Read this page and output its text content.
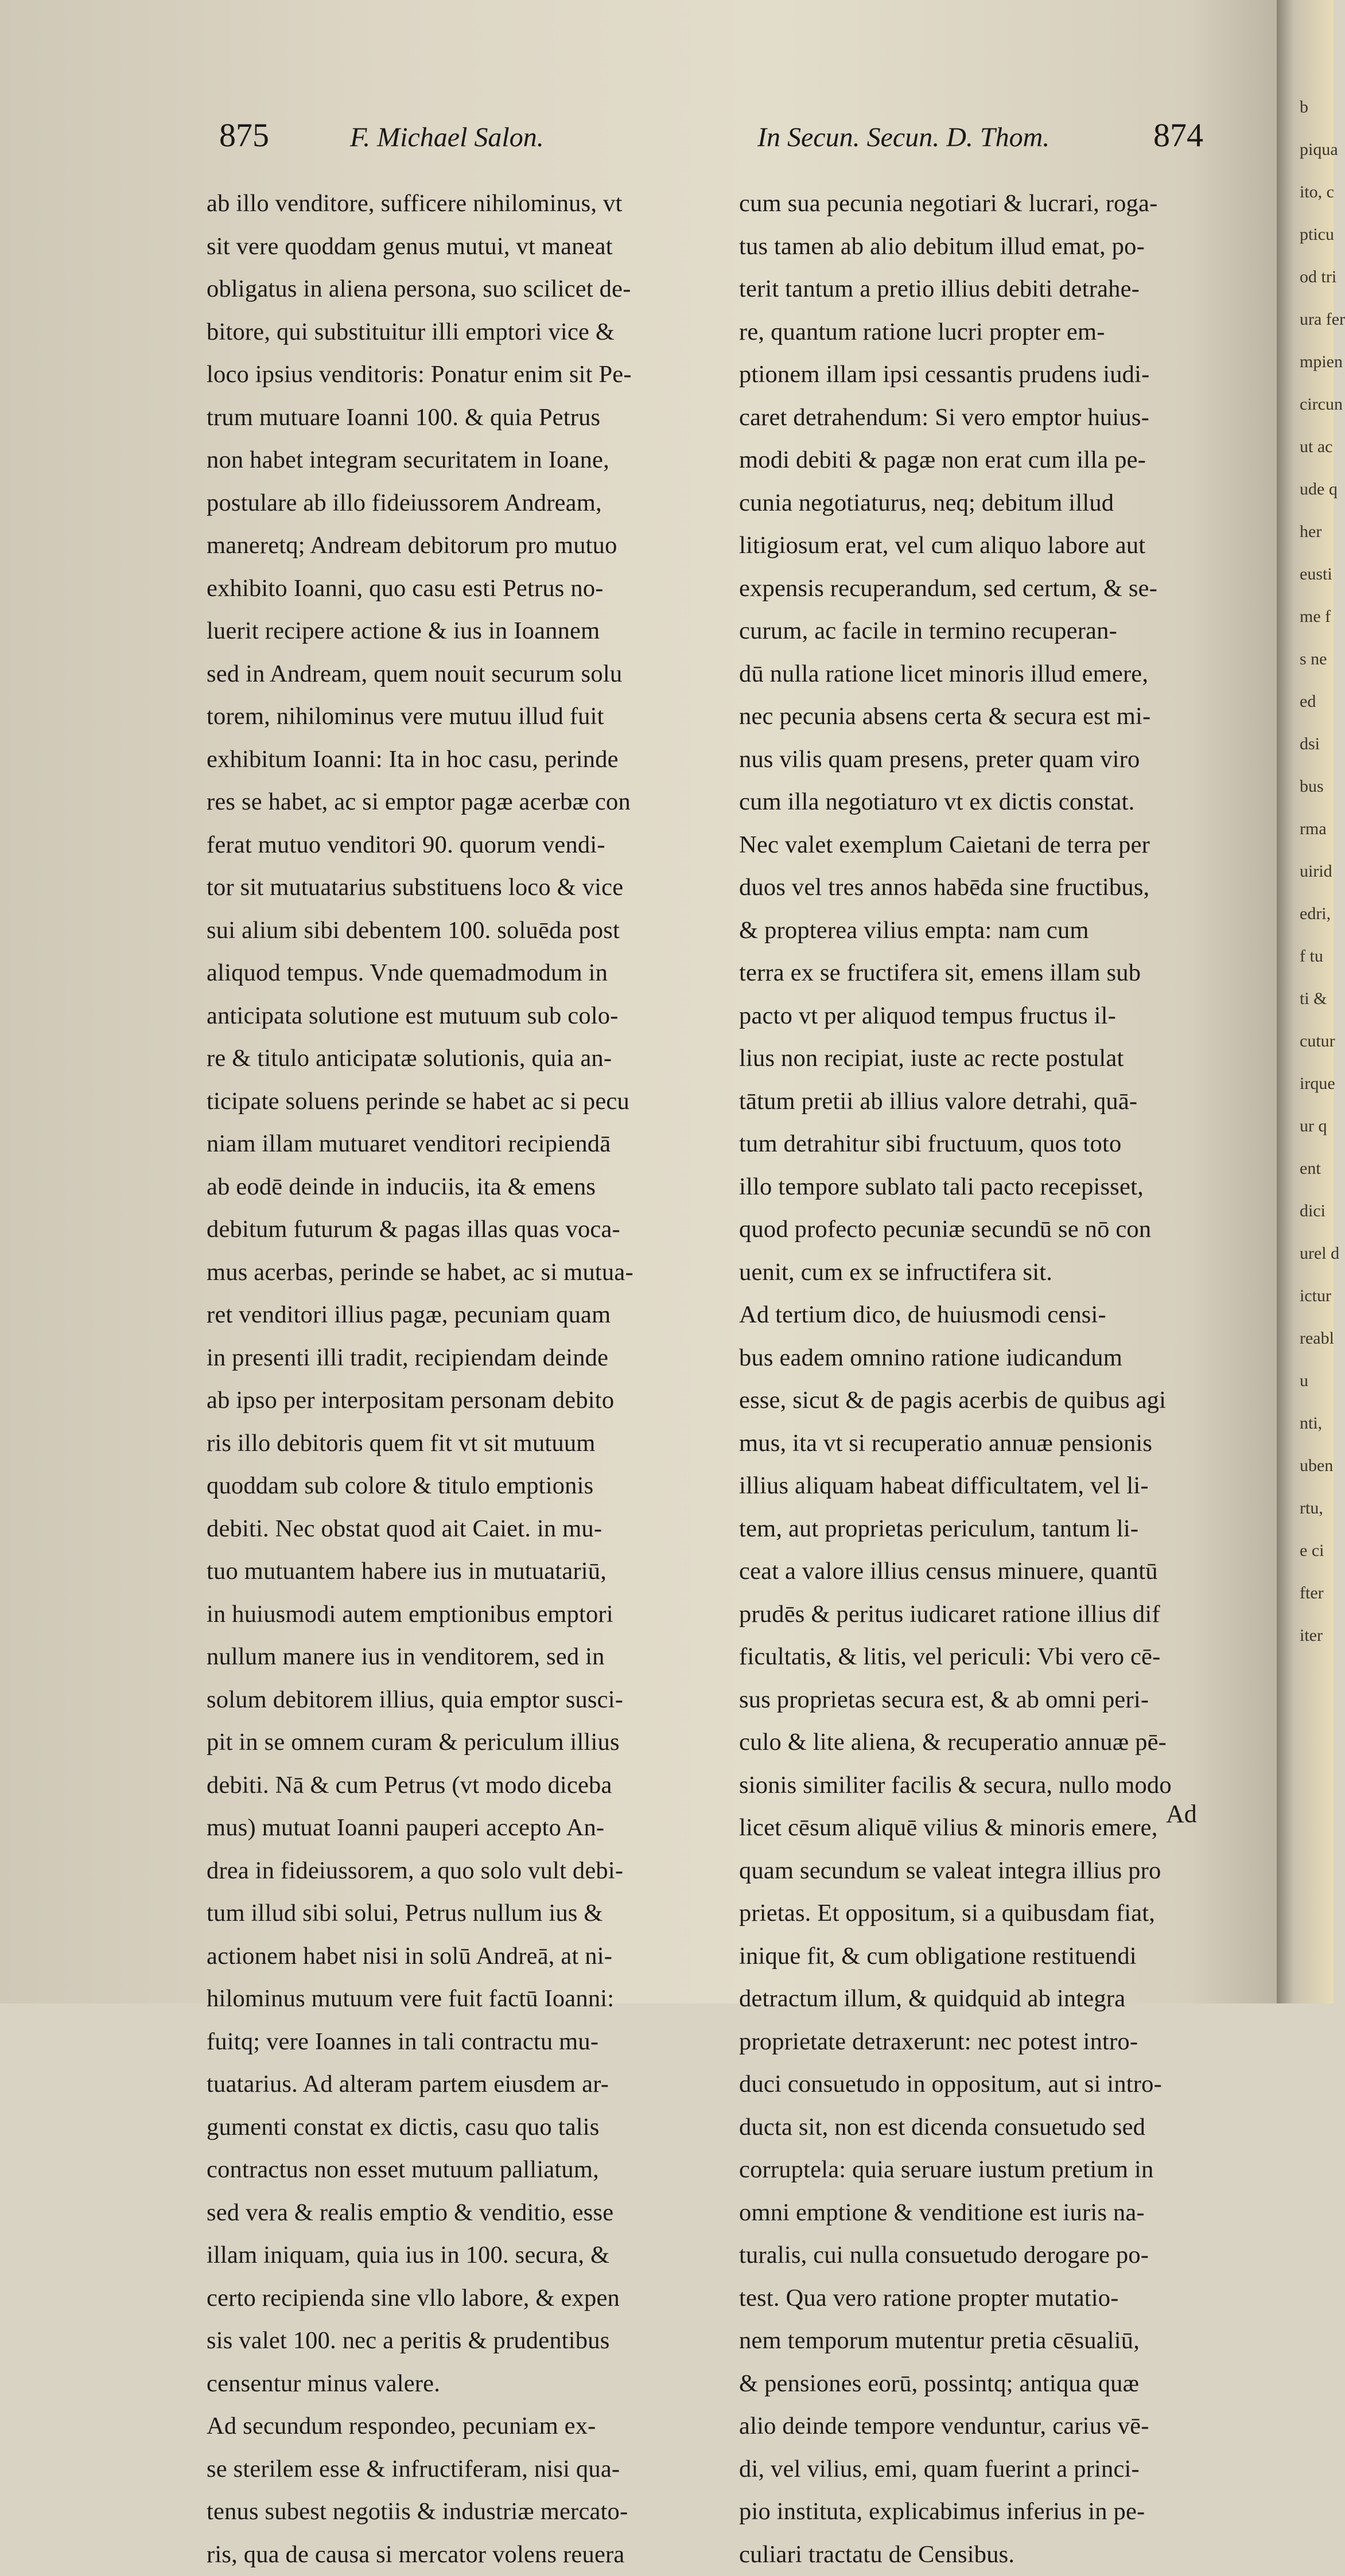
875	F. Michael Salon.	In Secun. Secun. D. Thom.	874
ab illo venditore, sufficere nihilominus, vt
sit vere quoddam genus mutui, vt maneat
obligatus in aliena persona, suo scilicet de-
bitore, qui substituitur illi emptori vice &
loco ipsius venditoris: Ponatur enim sit Pe-
trum mutuare Ioanni 100. & quia Petrus
non habet integram securitatem in Ioane,
postulare ab illo fideiussorem Andream,
maneretq; Andream debitorum pro mutuo
exhibito Ioanni, quo casu esti Petrus no-
luerit recipere actione & ius in Ioannem
sed in Andream, quem nouit securum solu
torem, nihilominus vere mutuu illud fuit
exhibitum Ioanni: Ita in hoc casu, perinde
res se habet, ac si emptor pagæ acerbæ con
ferat mutuo venditori 90. quorum vendi-
tor sit mutuatarius substituens loco & vice
sui alium sibi debentem 100. soluēda post
aliquod tempus. Vnde quemadmodum in
anticipata solutione est mutuum sub colo-
re & titulo anticipatæ solutionis, quia an-
ticipate soluens perinde se habet ac si pecu
niam illam mutuaret venditori recipiendā
ab eodē deinde in induciis, ita & emens
debitum futurum & pagas illas quas voca-
mus acerbas, perinde se habet, ac si mutua-
ret venditori illius pagæ, pecuniam quam
in presenti illi tradit, recipiendam deinde
ab ipso per interpositam personam debito
ris illo debitoris quem fit vt sit mutuum
quoddam sub colore & titulo emptionis
debiti. Nec obstat quod ait Caiet. in mu-
tuo mutuantem habere ius in mutuatariū,
in huiusmodi autem emptionibus emptori
nullum manere ius in venditorem, sed in
solum debitorem illius, quia emptor susci-
pit in se omnem curam & periculum illius
debiti. Nā & cum Petrus (vt modo diceba
mus) mutuat Ioanni pauperi accepto An-
drea in fideiussorem, a quo solo vult debi-
tum illud sibi solui, Petrus nullum ius &
actionem habet nisi in solū Andreā, at ni-
hilominus mutuum vere fuit factū Ioanni:
fuitq; vere Ioannes in tali contractu mu-
tuatarius. Ad alteram partem eiusdem ar-
gumenti constat ex dictis, casu quo talis
contractus non esset mutuum palliatum,
sed vera & realis emptio & venditio, esse
illam iniquam, quia ius in 100. secura, &
certo recipienda sine vllo labore, & expen
sis valet 100. nec a peritis & prudentibus
censentur minus valere.
Ad secundum respondeo, pecuniam ex-
se sterilem esse & infructiferam, nisi qua-
tenus subest negotiis & industriæ mercato-
ris, qua de causa si mercator volens reuera
cum sua pecunia negotiari & lucrari, roga-
tus tamen ab alio debitum illud emat, po-
terit tantum a pretio illius debiti detrahe-
re, quantum ratione lucri propter em-
ptionem illam ipsi cessantis prudens iudi-
caret detrahendum: Si vero emptor huius-
modi debiti & pagæ non erat cum illa pe-
cunia negotiaturus, neq; debitum illud
litigiosum erat, vel cum aliquo labore aut
expensis recuperandum, sed certum, & se-
curum, ac facile in termino recuperan-
dū nulla ratione licet minoris illud emere,
nec pecunia absens certa & secura est mi-
nus vilis quam presens, preter quam viro
cum illa negotiaturo vt ex dictis constat.
Nec valet exemplum Caietani de terra per
duos vel tres annos habēda sine fructibus,
& propterea vilius empta: nam cum
terra ex se fructifera sit, emens illam sub
pacto vt per aliquod tempus fructus il-
lius non recipiat, iuste ac recte postulat
tātum pretii ab illius valore detrahi, quā-
tum detrahitur sibi fructuum, quos toto
illo tempore sublato tali pacto recepisset,
quod profecto pecuniæ secundū se nō con
uenit, cum ex se infructifera sit.
Ad tertium dico, de huiusmodi censi-
bus eadem omnino ratione iudicandum
esse, sicut & de pagis acerbis de quibus agi
mus, ita vt si recuperatio annuæ pensionis
illius aliquam habeat difficultatem, vel li-
tem, aut proprietas periculum, tantum li-
ceat a valore illius census minuere, quantū
prudēs & peritus iudicaret ratione illius dif
ficultatis, & litis, vel periculi: Vbi vero cē-
sus proprietas secura est, & ab omni peri-
culo & lite aliena, & recuperatio annuæ pē-
sionis similiter facilis & secura, nullo modo
licet cēsum aliquē vilius & minoris emere,
quam secundum se valeat integra illius pro
prietas. Et oppositum, si a quibusdam fiat,
inique fit, & cum obligatione restituendi
detractum illum, & quidquid ab integra
proprietate detraxerunt: nec potest intro-
duci consuetudo in oppositum, aut si intro-
ducta sit, non est dicenda consuetudo sed
corruptela: quia seruare iustum pretium in
omni emptione & venditione est iuris na-
turalis, cui nulla consuetudo derogare po-
test. Qua vero ratione propter mutatio-
nem temporum mutentur pretia cēsualiū,
& pensiones eorū, possintq; antiqua quæ
alio deinde tempore venduntur, carius vē-
di, vel vilius, emi, quam fuerint a princi-
pio instituta, explicabimus inferius in pe-
culiari tractatu de Censibus.
Ad
b
piqua
ito, c
pticu
od tri
ura fer
mpien
circun
ut ac
ude q
her
eusti
me f
s ne
ed
dsi
bus
rma
uirid
edri,
f tu
ti &
cutur
irque
ur q
ent
dici
urel d
ictur
reabl
u
nti,
uben
rtu,
e ci
fter
iter
